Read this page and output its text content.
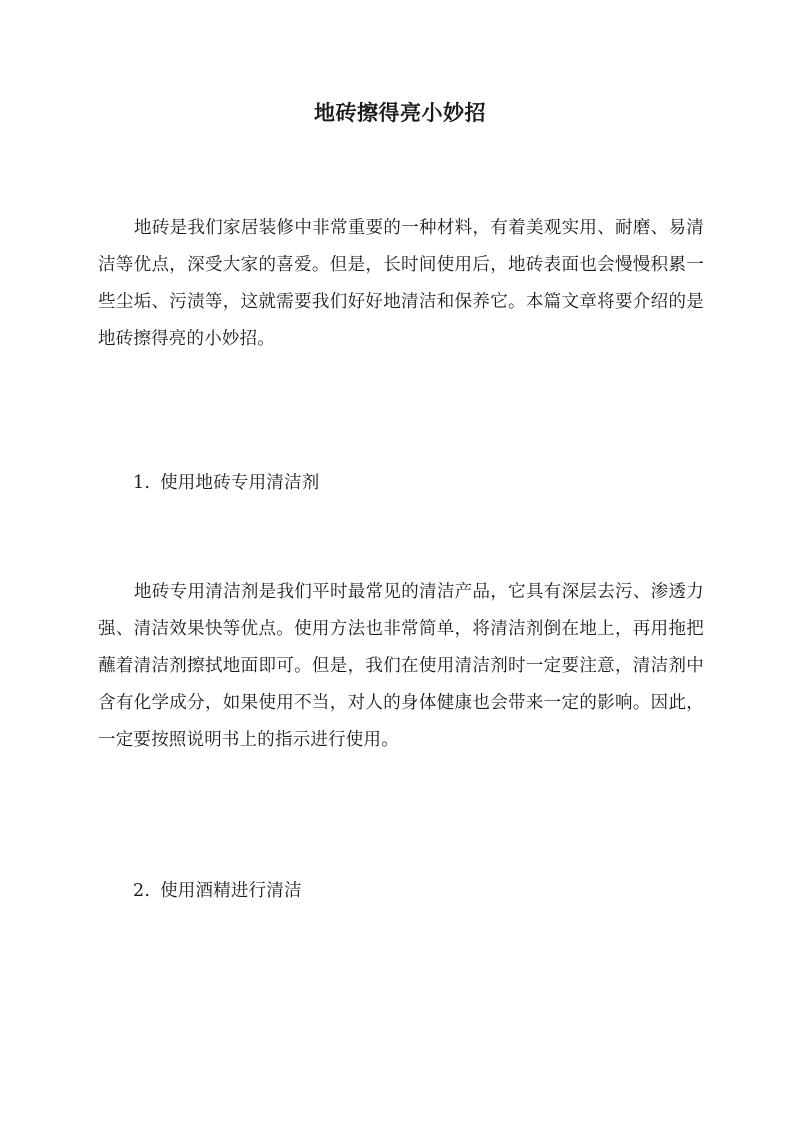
地砖擦得亮小妙招

地砖是我们家居装修中非常重要的一种材料，有着美观实用、耐磨、易清洁等优点，深受大家的喜爱。但是，长时间使用后，地砖表面也会慢慢积累一些尘垢、污渍等，这就需要我们好好地清洁和保养它。本篇文章将要介绍的是地砖擦得亮的小妙招。

1. 使用地砖专用清洁剂

地砖专用清洁剂是我们平时最常见的清洁产品，它具有深层去污、渗透力强、清洁效果快等优点。使用方法也非常简单，将清洁剂倒在地上，再用拖把蘸着清洁剂擦拭地面即可。但是，我们在使用清洁剂时一定要注意，清洁剂中含有化学成分，如果使用不当，对人的身体健康也会带来一定的影响。因此，一定要按照说明书上的指示进行使用。

2. 使用酒精进行清洁
